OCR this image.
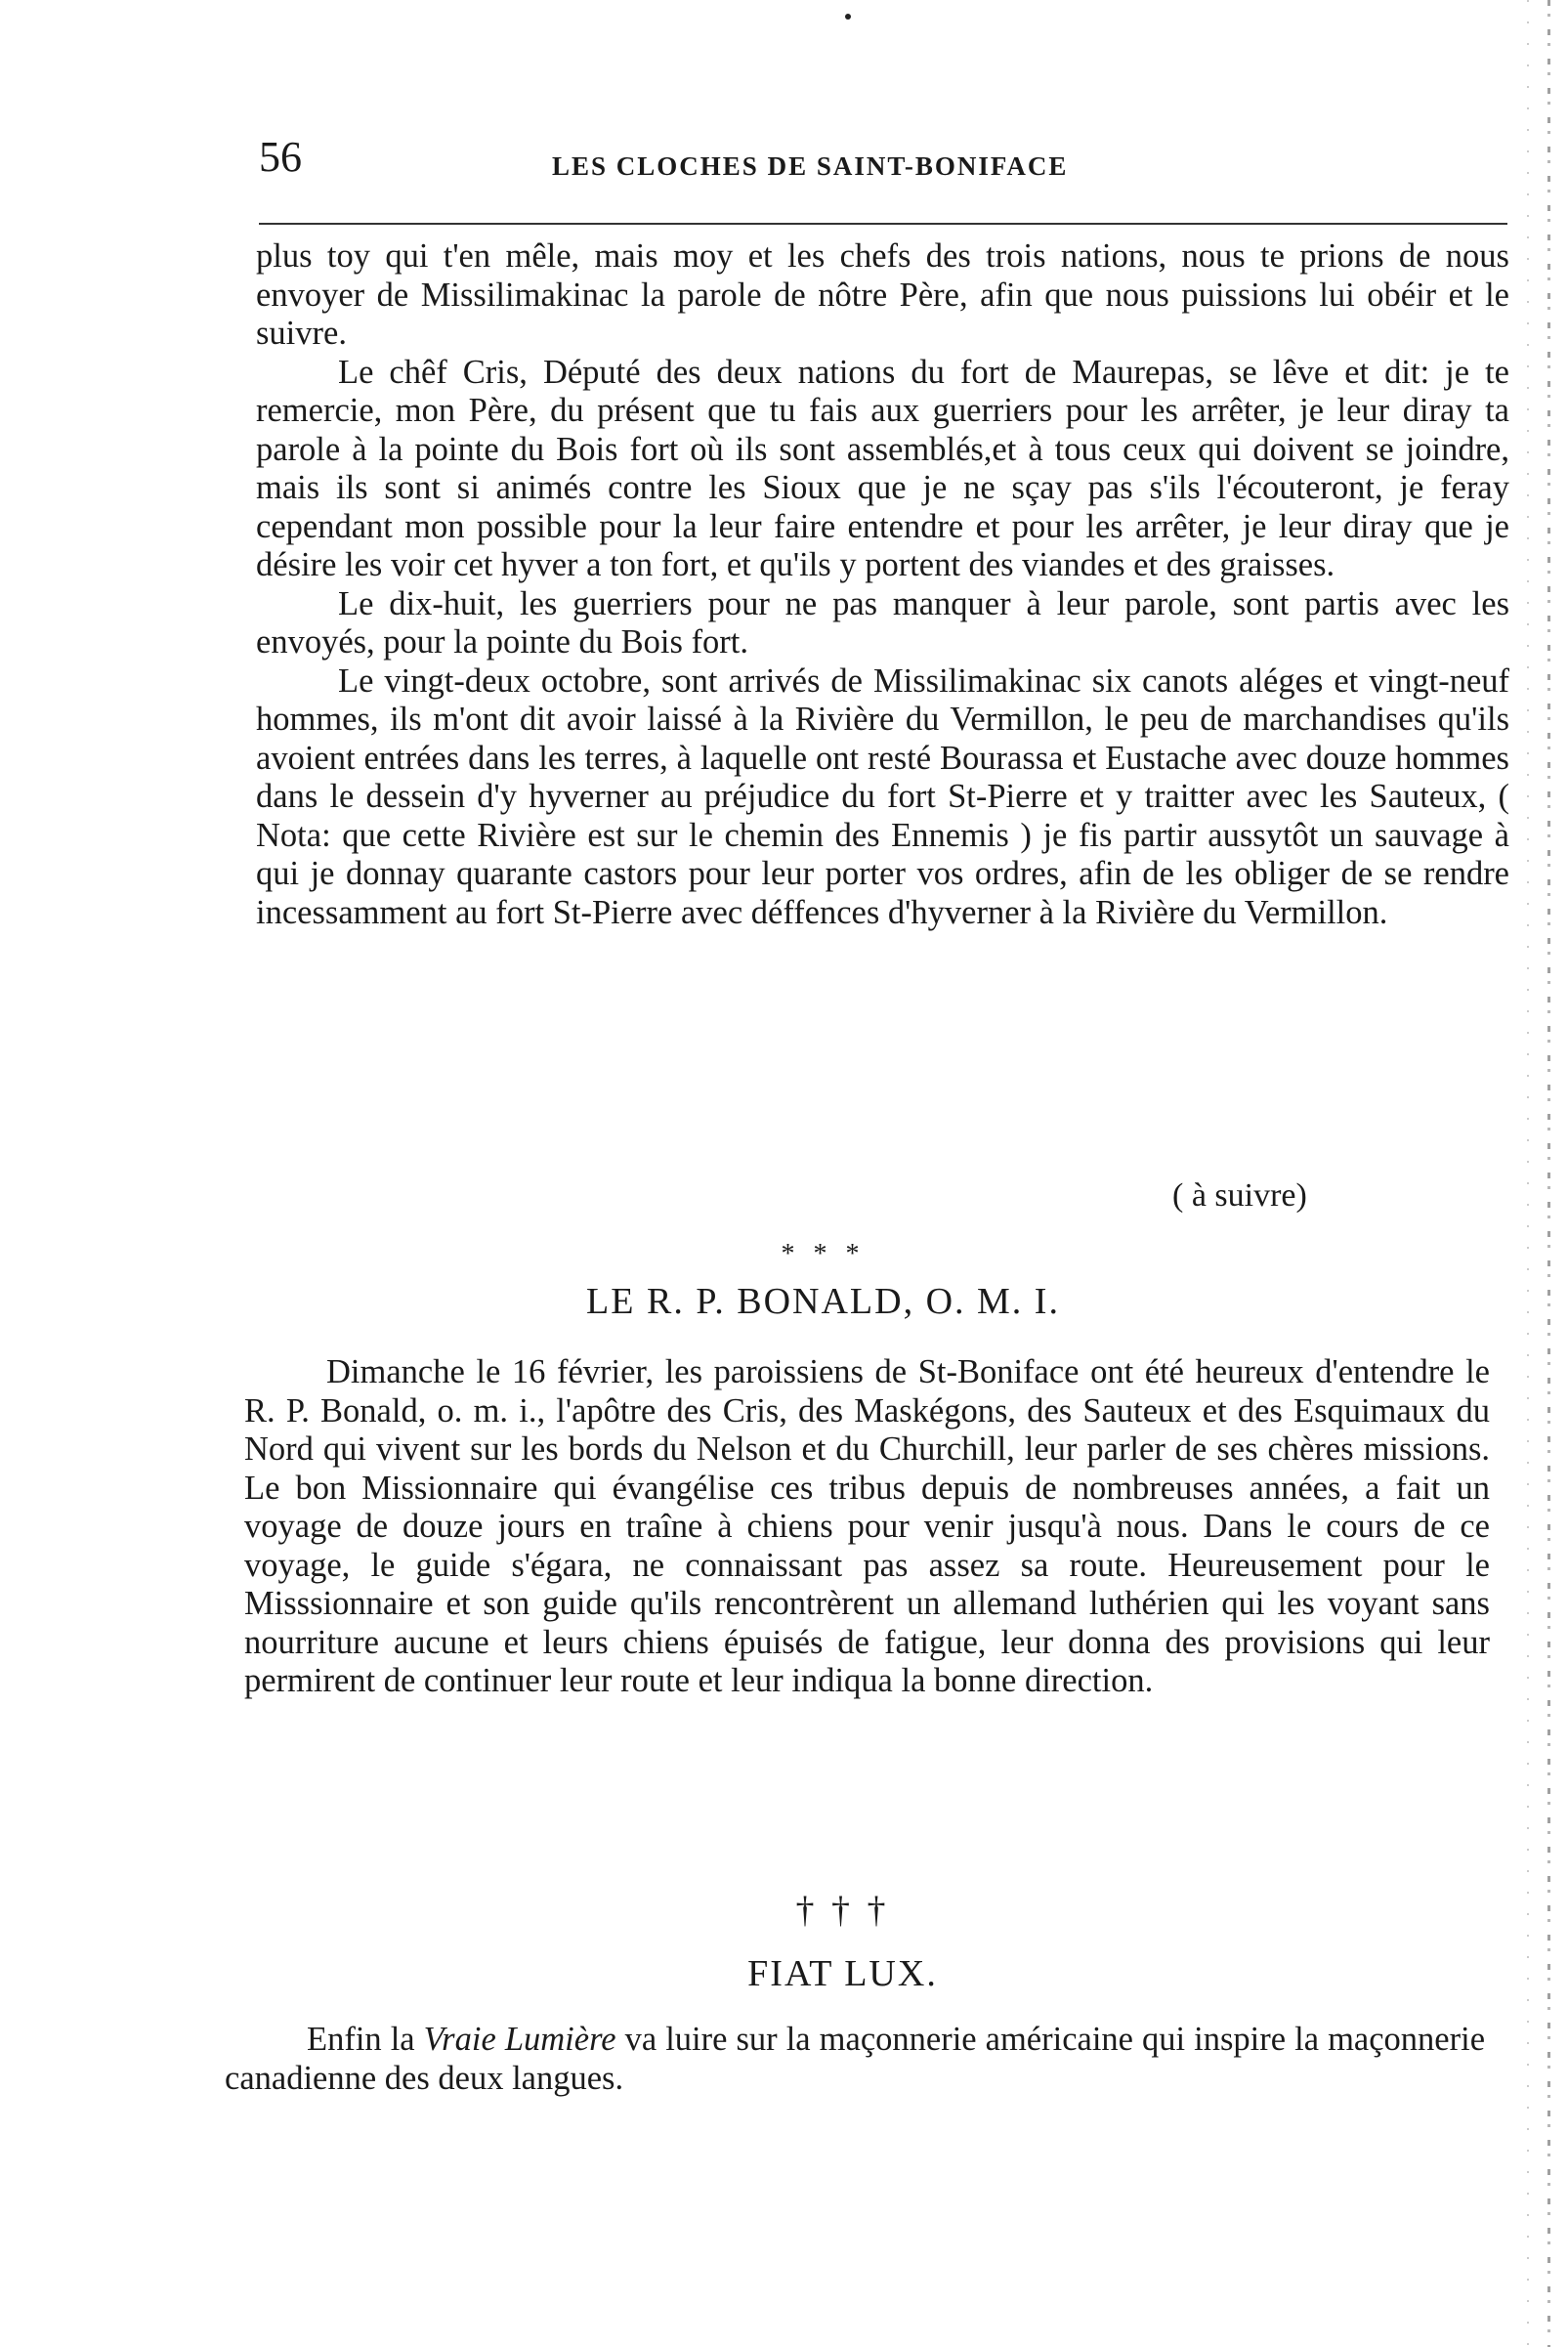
56	LES CLOCHES DE SAINT-BONIFACE

plus toy qui t'en mêle, mais moy et les chefs des trois nations, nous te prions de nous envoyer de Missilimakinac la parole de nôtre Père, afin que nous puissions lui obéir et le suivre.

Le chêf Cris, Député des deux nations du fort de Maurepas, se lêve et dit: je te remercie, mon Père, du présent que tu fais aux guerriers pour les arrêter, je leur diray ta parole à la pointe du Bois fort où ils sont assemblés,et à tous ceux qui doivent se joindre, mais ils sont si animés contre les Sioux que je ne sçay pas s'ils l'écouteront, je feray cependant mon possible pour la leur faire entendre et pour les arrêter, je leur diray que je désire les voir cet hyver a ton fort, et qu'ils y portent des viandes et des graisses.

Le dix-huit, les guerriers pour ne pas manquer à leur parole, sont partis avec les envoyés, pour la pointe du Bois fort.

Le vingt-deux octobre, sont arrivés de Missilimakinac six canots aléges et vingt-neuf hommes, ils m'ont dit avoir laissé à la Rivière du Vermillon, le peu de marchandises qu'ils avoient entrées dans les terres, à laquelle ont resté Bourassa et Eustache avec douze hommes dans le dessein d'y hyverner au préjudice du fort St-Pierre et y traitter avec les Sauteux, ( Nota: que cette Rivière est sur le chemin des Ennemis ) je fis partir aussytôt un sauvage à qui je donnay quarante castors pour leur porter vos ordres, afin de les obliger de se rendre incessamment au fort St-Pierre avec déffences d'hyverner à la Rivière du Vermillon.

( à suivre)
* * *
LE R. P. BONALD, O. M. I.

Dimanche le 16 février, les paroissiens de St-Boniface ont été heureux d'entendre le R. P. Bonald, o. m. i., l'apôtre des Cris, des Maskégons, des Sauteux et des Esquimaux du Nord qui vivent sur les bords du Nelson et du Churchill, leur parler de ses chères missions. Le bon Missionnaire qui évangélise ces tribus depuis de nombreuses années, a fait un voyage de douze jours en traîne à chiens pour venir jusqu'à nous. Dans le cours de ce voyage, le guide s'égara, ne connaissant pas assez sa route. Heureusement pour le Misssionnaire et son guide qu'ils rencontrèrent un allemand luthérien qui les voyant sans nourriture aucune et leurs chiens épuisés de fatigue, leur donna des provisions qui leur permirent de continuer leur route et leur indiqua la bonne direction.

† † †
FIAT LUX.

Enfin la Vraie Lumière va luire sur la maçonnerie américaine qui inspire la maçonnerie canadienne des deux langues.
